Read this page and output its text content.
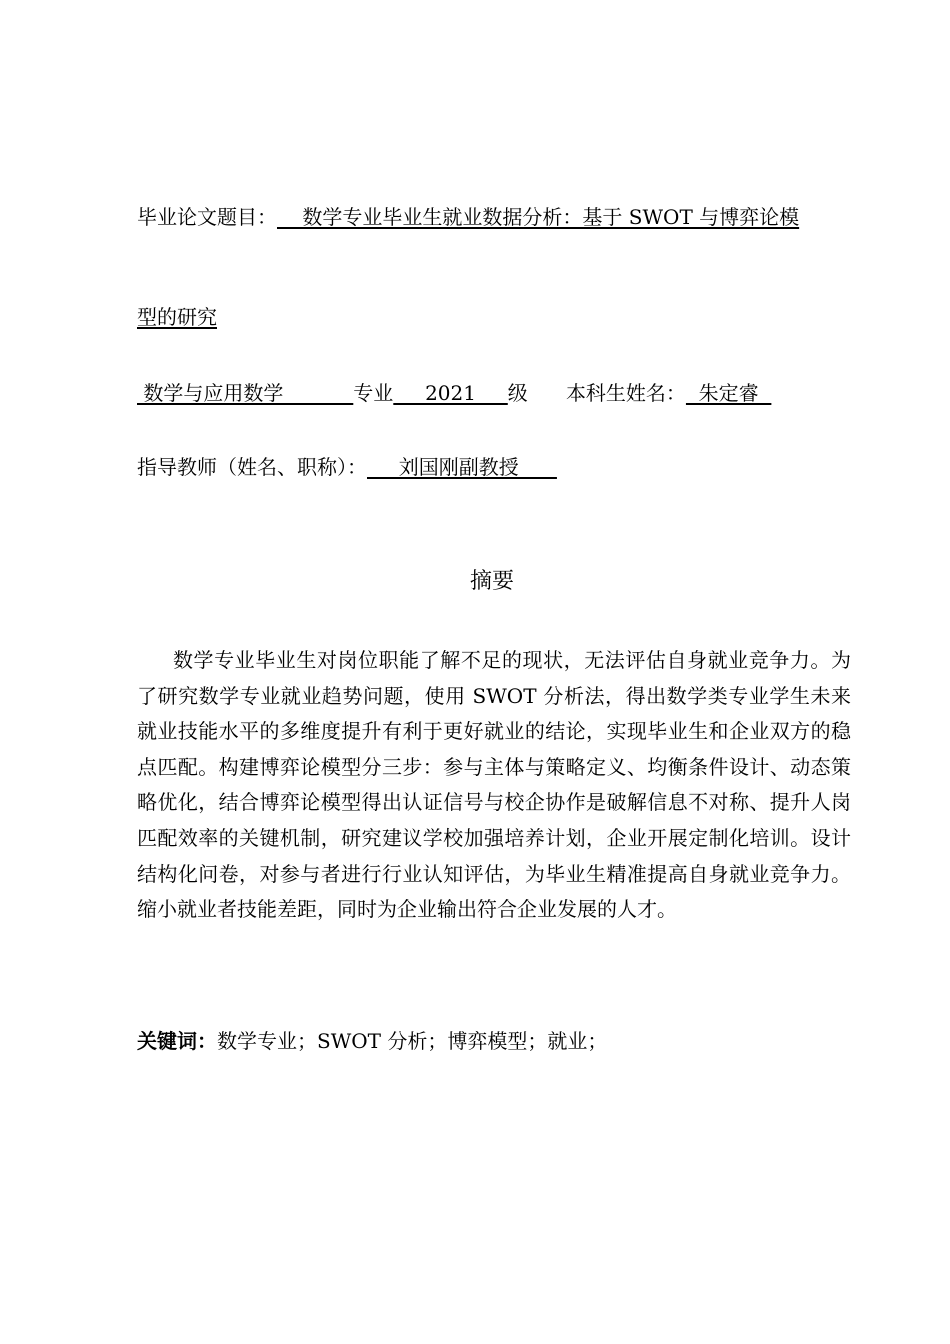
毕业论文题目：    数学专业毕业生就业数据分析：基于 SWOT 与博弈论模
型的研究
数学与应用数学           专业     2021     级 本科生姓名：  朱定睿
指导教师（姓名、职称）：     刘国刚副教授
摘要
数学专业毕业生对岗位职能了解不足的现状，无法评估自身就业竞争力。为了研究数学专业就业趋势问题，使用 SWOT 分析法，得出数学类专业学生未来就业技能水平的多维度提升有利于更好就业的结论，实现毕业生和企业双方的稳点匹配。构建博弈论模型分三步：参与主体与策略定义、均衡条件设计、动态策略优化，结合博弈论模型得出认证信号与校企协作是破解信息不对称、提升人岗匹配效率的关键机制，研究建议学校加强培养计划，企业开展定制化培训。设计结构化问卷，对参与者进行行业认知评估，为毕业生精准提高自身就业竞争力。缩小就业者技能差距，同时为企业输出符合企业发展的人才。
关键词：数学专业；SWOT 分析；博弈模型；就业；
